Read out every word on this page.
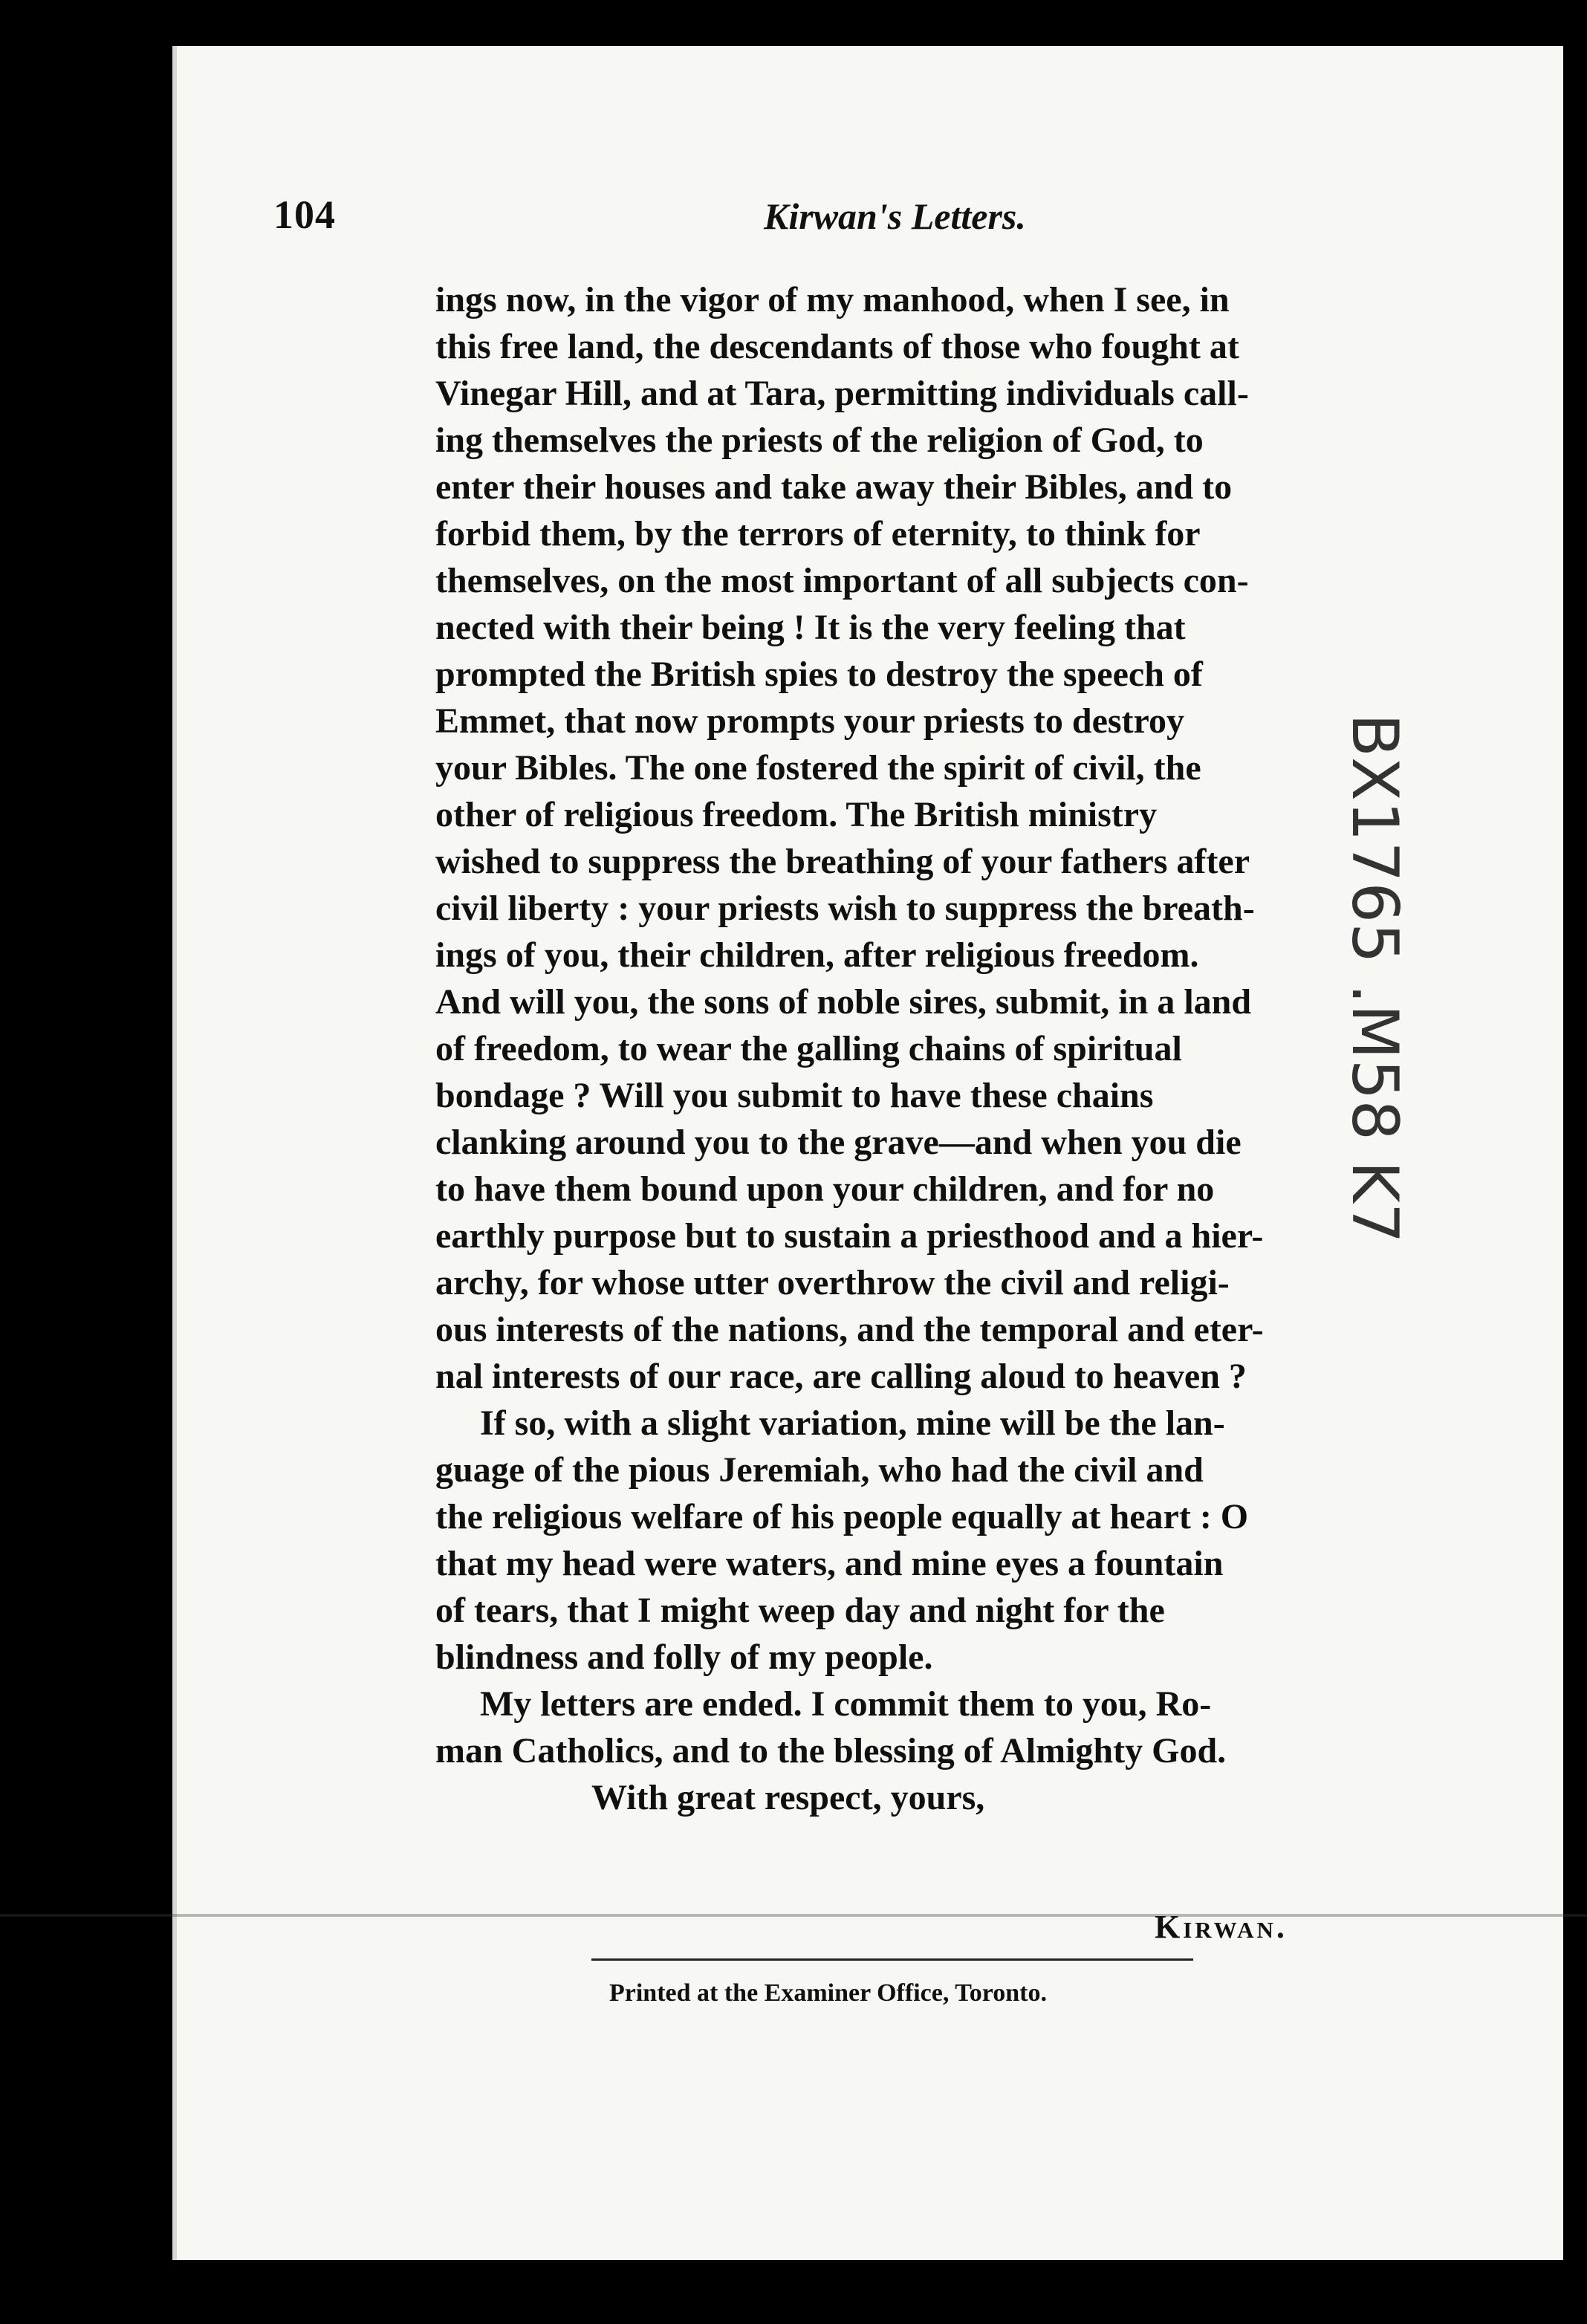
104	Kirwan's Letters.
ings now, in the vigor of my manhood, when I see, in
this free land, the descendants of those who fought at
Vinegar Hill, and at Tara, permitting individuals call-
ing themselves the priests of the religion of God, to
enter their houses and take away their Bibles, and to
forbid them, by the terrors of eternity, to think for
themselves, on the most important of all subjects con-
nected with their being ! It is the very feeling that
prompted the British spies to destroy the speech of
Emmet, that now prompts your priests to destroy
your Bibles. The one fostered the spirit of civil, the
other of religious freedom. The British ministry
wished to suppress the breathing of your fathers after
civil liberty : your priests wish to suppress the breath-
ings of you, their children, after religious freedom.
And will you, the sons of noble sires, submit, in a land
of freedom, to wear the galling chains of spiritual
bondage ? Will you submit to have these chains
clanking around you to the grave—and when you die
to have them bound upon your children, and for no
earthly purpose but to sustain a priesthood and a hier-
archy, for whose utter overthrow the civil and religi-
ous interests of the nations, and the temporal and eter-
nal interests of our race, are calling aloud to heaven ?
If so, with a slight variation, mine will be the lan-
guage of the pious Jeremiah, who had the civil and
the religious welfare of his people equally at heart : O
that my head were waters, and mine eyes a fountain
of tears, that I might weep day and night for the
blindness and folly of my people.
My letters are ended. I commit them to you, Ro-
man Catholics, and to the blessing of Almighty God.
With great respect, yours,
Kirwan.
Printed at the Examiner Office, Toronto.
BX1765 .M58 K7
